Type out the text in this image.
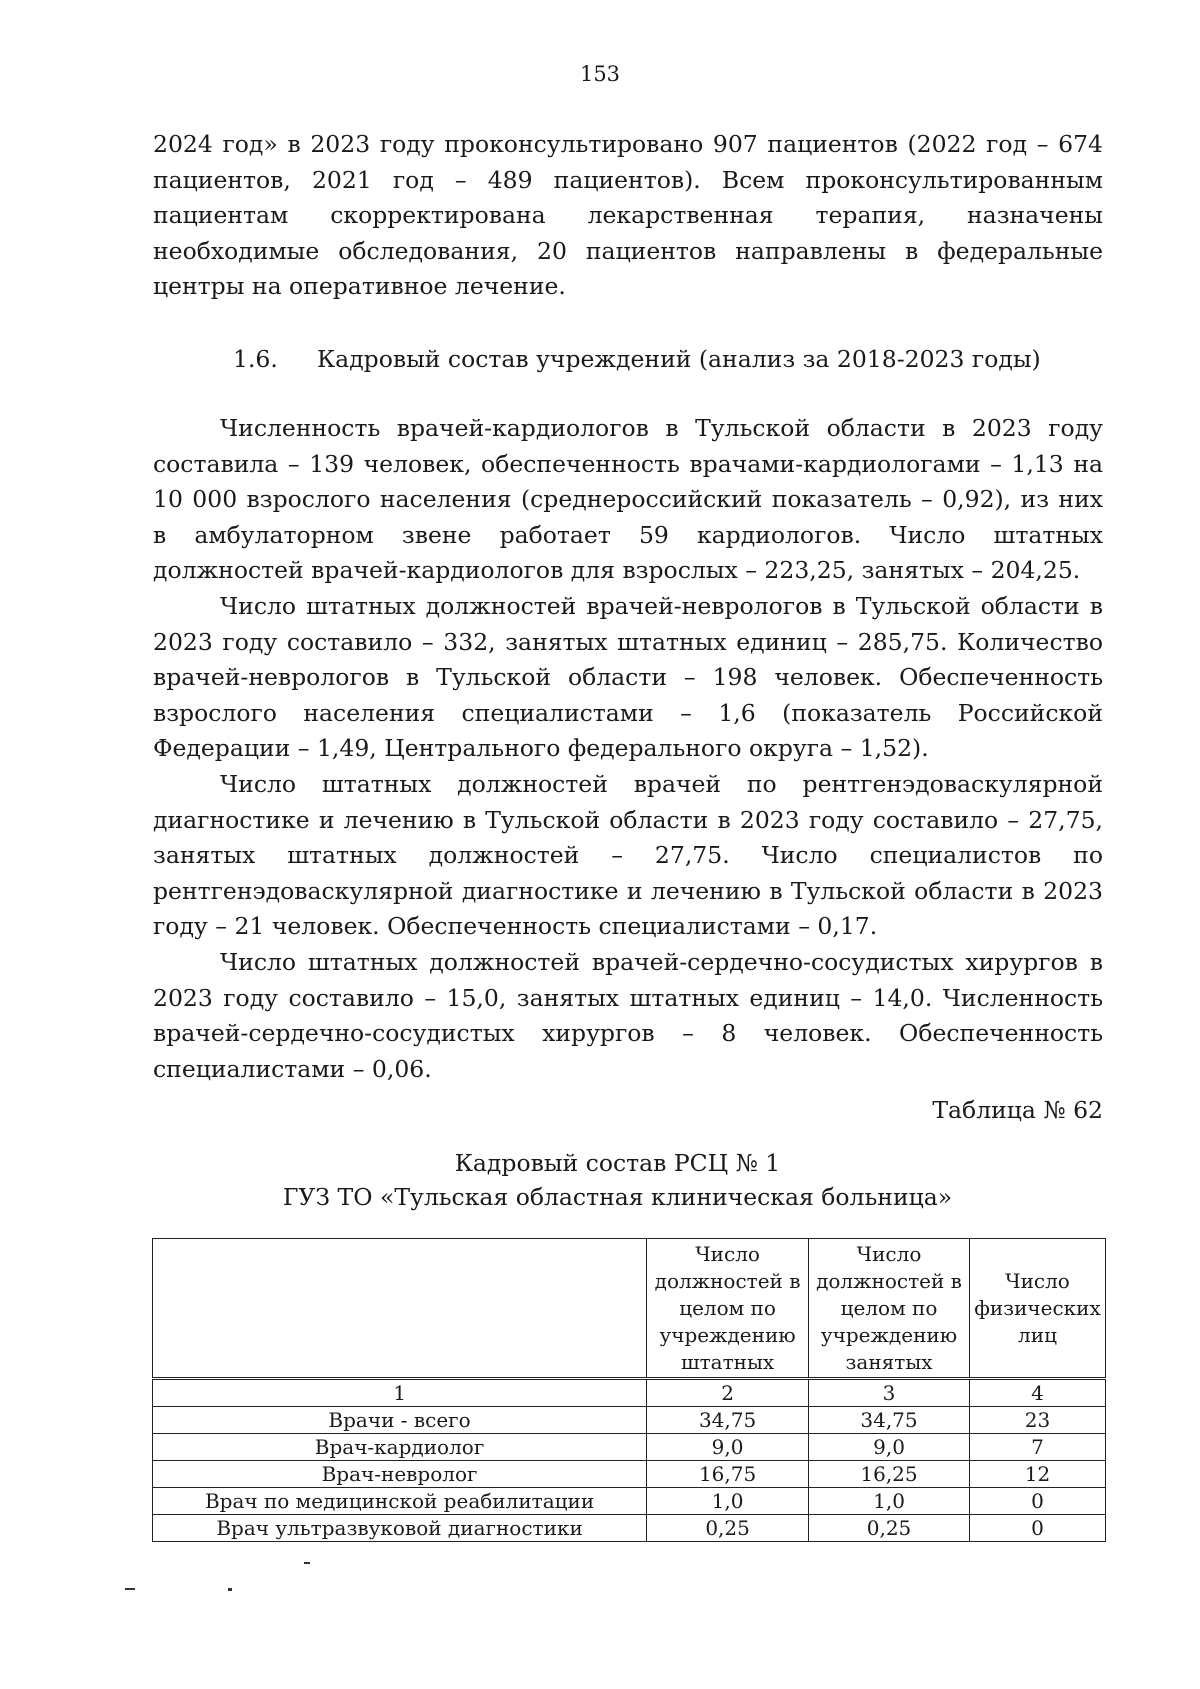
153

2024 год» в 2023 году проконсультировано 907 пациентов (2022 год – 674 пациентов, 2021 год – 489 пациентов). Всем проконсультированным пациентам скорректирована лекарственная терапия, назначены необходимые обследования, 20 пациентов направлены в федеральные центры на оперативное лечение.

1.6. Кадровый состав учреждений (анализ за 2018-2023 годы)

Численность врачей-кардиологов в Тульской области в 2023 году составила – 139 человек, обеспеченность врачами-кардиологами – 1,13 на 10 000 взрослого населения (среднероссийский показатель – 0,92), из них в амбулаторном звене работает 59 кардиологов. Число штатных должностей врачей-кардиологов для взрослых – 223,25, занятых – 204,25.

Число штатных должностей врачей-неврологов в Тульской области в 2023 году составило – 332, занятых штатных единиц – 285,75. Количество врачей-неврологов в Тульской области – 198 человек. Обеспеченность взрослого населения специалистами – 1,6 (показатель Российской Федерации – 1,49, Центрального федерального округа – 1,52).

Число штатных должностей врачей по рентгенэдоваскулярной диагностике и лечению в Тульской области в 2023 году составило – 27,75, занятых штатных должностей – 27,75. Число специалистов по рентгенэдоваскулярной диагностике и лечению в Тульской области в 2023 году – 21 человек. Обеспеченность специалистами – 0,17.

Число штатных должностей врачей-сердечно-сосудистых хирургов в 2023 году составило – 15,0, занятых штатных единиц – 14,0. Численность врачей-сердечно-сосудистых хирургов – 8 человек. Обеспеченность специалистами – 0,06.

Таблица № 62
Кадровый состав РСЦ № 1
ГУЗ ТО «Тульская областная клиническая больница»
	Число должностей в целом по учреждению штатных	Число должностей в целом по учреждению занятых	Число физических лиц
1	2	3	4
Врачи - всего	34,75	34,75	23
Врач-кардиолог	9,0	9,0	7
Врач-невролог	16,75	16,25	12
Врач по медицинской реабилитации	1,0	1,0	0
Врач ультразвуковой диагностики	0,25	0,25	0
